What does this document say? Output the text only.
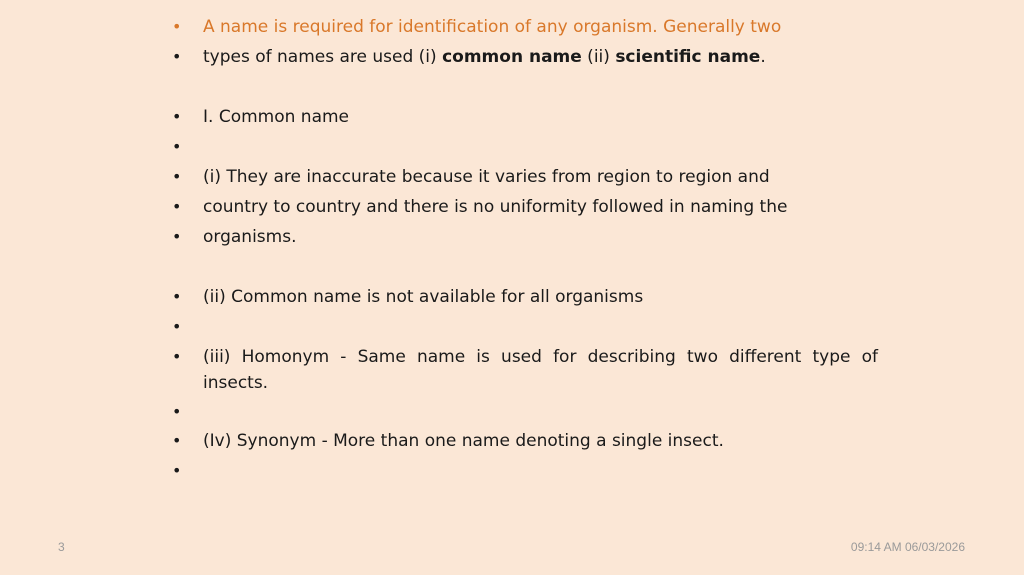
•	A name is required for identification of any organism. Generally two
•	types of names are used (i) common name (ii) scientific name.
•	I. Common name
•
•	(i) They are inaccurate because it varies from region to region and
•	country to country and there is no uniformity followed in naming the
•	organisms.
•	(ii) Common name is not available for all organisms
•
•	(iii) Homonym - Same name is used for describing two different type of insects.
•
•	(Iv) Synonym - More than one name denoting a single insect.
•
3	09:14 AM 06/03/2026
